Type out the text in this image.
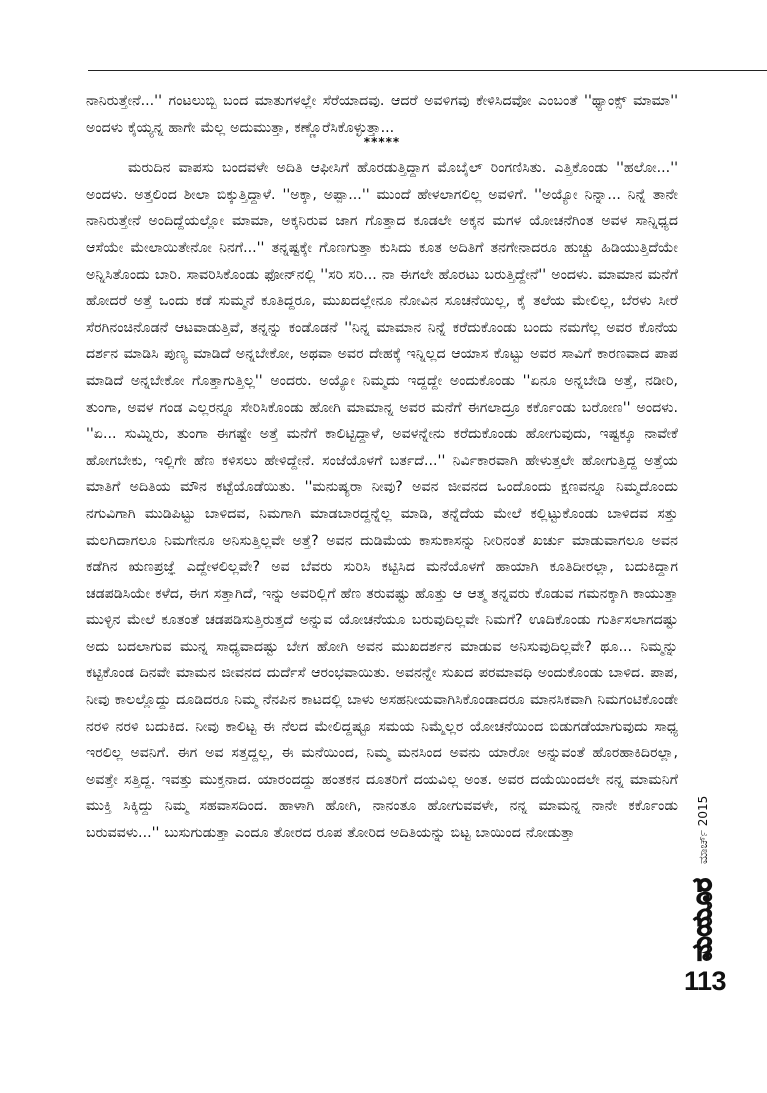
ನಾನಿರುತ್ತೇನೆ...'' ಗಂಟಲುಬ್ಬಿ ಬಂದ ಮಾತುಗಳಲ್ಲೇ ಸೆರೆಯಾದವು. ಆದರೆ ಅವಳಿಗವು ಕೇಳಿಸಿದವೋ ಎಂಬಂತೆ ''ಥ್ಯಾಂಕ್ಸ್ ಮಾಮಾ'' ಅಂದಳು ಕೈಯ್ಯನ್ನ ಹಾಗೇ ಮೆಲ್ಲ ಅದುಮುತ್ತಾ, ಕಣ್ಣೊರೆಸಿಕೊಳ್ಳುತ್ತಾ...

*****

ಮರುದಿನ ವಾಪಸು ಬಂದವಳೇ ಅದಿತಿ ಆಫೀಸಿಗೆ ಹೊರಡುತ್ತಿದ್ದಾಗ ಮೊಬೈಲ್ ರಿಂಗಣಿಸಿತು. ಎತ್ತಿಕೊಂಡು ''ಹಲೋ...'' ಅಂದಳು. ಅತ್ತಲಿಂದ ಶೀಲಾ ಬಿಕ್ಕುತ್ತಿದ್ದಾಳೆ. ''ಅಕ್ಕಾ, ಅಪ್ಪಾ...'' ಮುಂದೆ ಹೇಳಲಾಗಲಿಲ್ಲ ಅವಳಿಗೆ. ''ಅಯ್ಯೋ ನಿನ್ನಾ... ನಿನ್ನೆ ತಾನೇ ನಾನಿರುತ್ತೇನೆ ಅಂದಿದ್ದೆಯಲ್ಲೋ ಮಾಮಾ, ಅಕ್ಕನಿರುವ ಜಾಗ ಗೊತ್ತಾದ ಕೂಡಲೇ ಅಕ್ಕನ ಮಗಳ ಯೋಚನೆಗಿಂತ ಅವಳ ಸಾನ್ನಿಧ್ಯದ ಆಸೆಯೇ ಮೇಲಾಯಿತೇನೋ ನಿನಗೆ...'' ತನ್ನಷ್ಟಕ್ಕೇ ಗೊಣಗುತ್ತಾ ಕುಸಿದು ಕೂತ ಅದಿತಿಗೆ ತನಗೇನಾದರೂ ಹುಚ್ಚು ಹಿಡಿಯುತ್ತಿದೆಯೇ ಅನ್ನಿಸಿತೊಂದು ಬಾರಿ. ಸಾವರಿಸಿಕೊಂಡು ಫೋನ್‌ನಲ್ಲಿ ''ಸರಿ ಸರಿ... ನಾ ಈಗಲೇ ಹೊರಟು ಬರುತ್ತಿದ್ದೇನೆ'' ಅಂದಳು. ಮಾಮಾನ ಮನೆಗೆ ಹೋದರೆ ಅತ್ತೆ ಒಂದು ಕಡೆ ಸುಮ್ಮನೆ ಕೂತಿದ್ದರೂ, ಮುಖದಲ್ಲೇನೂ ನೋವಿನ ಸೂಚನೆಯಿಲ್ಲ, ಕೈ ತಲೆಯ ಮೇಲಿಲ್ಲ, ಬೆರಳು ಸೀರೆ ಸೆರಗಿನಂಚಿನೊಡನೆ ಆಟವಾಡುತ್ತಿವೆ, ತನ್ನನ್ನು ಕಂಡೊಡನೆ ''ನಿನ್ನ ಮಾಮಾನ ನಿನ್ನೆ ಕರೆದುಕೊಂಡು ಬಂದು ನಮಗೆಲ್ಲ ಅವರ ಕೊನೆಯ ದರ್ಶನ ಮಾಡಿಸಿ ಪುಣ್ಯ ಮಾಡಿದೆ ಅನ್ನಬೇಕೋ, ಅಥವಾ ಅವರ ದೇಹಕ್ಕೆ ಇನ್ನಿಲ್ಲದ ಆಯಾಸ ಕೊಟ್ಟು ಅವರ ಸಾವಿಗೆ ಕಾರಣವಾದ ಪಾಪ ಮಾಡಿದೆ ಅನ್ನಬೇಕೋ ಗೊತ್ತಾಗುತ್ತಿಲ್ಲ'' ಅಂದರು. ಅಯ್ಯೋ ನಿಮ್ಮದು ಇದ್ದದ್ದೇ ಅಂದುಕೊಂಡು ''ಏನೂ ಅನ್ನಬೇಡಿ ಅತ್ತೆ, ನಡೀರಿ, ತುಂಗಾ, ಅವಳ ಗಂಡ ಎಲ್ಲರನ್ನೂ ಸೇರಿಸಿಕೊಂಡು ಹೋಗಿ ಮಾಮಾನ್ನ ಅವರ ಮನೆಗೆ ಈಗಲಾದ್ರೂ ಕರ್ಕೊಂಡು ಬರೋಣ'' ಅಂದಳು. ''ಏ... ಸುಮ್ನಿರು, ತುಂಗಾ ಈಗಷ್ಟೇ ಅತ್ತೆ ಮನೆಗೆ ಕಾಲಿಟ್ಟಿದ್ದಾಳೆ, ಅವಳನ್ನೇನು ಕರೆದುಕೊಂಡು ಹೋಗುವುದು, ಇಷ್ಟಕ್ಕೂ ನಾವೇಕೆ ಹೋಗಬೇಕು, ಇಲ್ಲಿಗೇ ಹೆಣ ಕಳಿಸಲು ಹೇಳಿದ್ದೇನೆ. ಸಂಜೆಯೊಳಗೆ ಬರ್ತದೆ...'' ನಿರ್ವಿಕಾರವಾಗಿ ಹೇಳುತ್ತಲೇ ಹೋಗುತ್ತಿದ್ದ ಅತ್ತೆಯ ಮಾತಿಗೆ ಅದಿತಿಯ ಮೌನ ಕಟ್ಟೆಯೊಡೆಯಿತು. ''ಮನುಷ್ಯರಾ ನೀವು? ಅವನ ಜೀವನದ ಒಂದೊಂದು ಕ್ಷಣವನ್ನೂ ನಿಮ್ಮದೊಂದು ನಗುವಿಗಾಗಿ ಮುಡಿಪಿಟ್ಟು ಬಾಳಿದವ, ನಿಮಗಾಗಿ ಮಾಡಬಾರದ್ದನ್ನೆಲ್ಲ ಮಾಡಿ, ತನ್ನೆದೆಯ ಮೇಲೆ ಕಲ್ಲಿಟ್ಟುಕೊಂಡು ಬಾಳಿದವ ಸತ್ತು ಮಲಗಿದಾಗಲೂ ನಿಮಗೇನೂ ಅನಿಸುತ್ತಿಲ್ಲವೇ ಅತ್ತೆ? ಅವನ ದುಡಿಮೆಯ ಕಾಸುಕಾಸನ್ನು ನೀರಿನಂತೆ ಖರ್ಚು ಮಾಡುವಾಗಲೂ ಅವನ ಕಡೆಗಿನ ಋಣಪ್ರಜ್ಞೆ ಎದ್ದೇಳಲಿಲ್ಲವೇ? ಅವ ಬೆವರು ಸುರಿಸಿ ಕಟ್ಟಿಸಿದ ಮನೆಯೊಳಗೆ ಹಾಯಾಗಿ ಕೂತಿದೀರಲ್ಲಾ, ಬದುಕಿದ್ದಾಗ ಚಡಪಡಿಸಿಯೇ ಕಳೆದ, ಈಗ ಸತ್ತಾಗಿದೆ, ಇನ್ನು ಅವರಿಲ್ಲಿಗೆ ಹೆಣ ತರುವಷ್ಟು ಹೊತ್ತು ಆ ಆತ್ಮ ತನ್ನವರು ಕೊಡುವ ಗಮನಕ್ಕಾಗಿ ಕಾಯುತ್ತಾ ಮುಳ್ಳಿನ ಮೇಲೆ ಕೂತಂತೆ ಚಡಪಡಿಸುತ್ತಿರುತ್ತದೆ ಅನ್ನುವ ಯೋಚನೆಯೂ ಬರುವುದಿಲ್ಲವೇ ನಿಮಗೆ? ಊದಿಕೊಂಡು ಗುರ್ತಿಸಲಾಗದಷ್ಟು ಅದು ಬದಲಾಗುವ ಮುನ್ನ ಸಾಧ್ಯವಾದಷ್ಟು ಬೇಗ ಹೋಗಿ ಅವನ ಮುಖದರ್ಶನ ಮಾಡುವ ಅನಿಸುವುದಿಲ್ಲವೇ? ಥೂ... ನಿಮ್ಮನ್ನು ಕಟ್ಟಿಕೊಂಡ ದಿನವೇ ಮಾಮನ ಜೀವನದ ದುರ್ದೆಸೆ ಆರಂಭವಾಯಿತು. ಅವನನ್ನೇ ಸುಖದ ಪರಮಾವಧಿ ಅಂದುಕೊಂಡು ಬಾಳಿದ. ಪಾಪ, ನೀವು ಕಾಲಲ್ಲೊದ್ದು ದೂಡಿದರೂ ನಿಮ್ಮ ನೆನಪಿನ ಕಾಟದಲ್ಲಿ ಬಾಳು ಅಸಹನೀಯವಾಗಿಸಿಕೊಂಡಾದರೂ ಮಾನಸಿಕವಾಗಿ ನಿಮಗಂಟಿಕೊಂಡೇ ನರಳಿ ನರಳಿ ಬದುಕಿದ. ನೀವು ಕಾಲಿಟ್ಟ ಈ ನೆಲದ ಮೇಲಿದ್ದಷ್ಟೂ ಸಮಯ ನಿಮ್ಮೆಲ್ಲರ ಯೋಚನೆಯಿಂದ ಬಿಡುಗಡೆಯಾಗುವುದು ಸಾಧ್ಯ ಇರಲಿಲ್ಲ ಅವನಿಗೆ. ಈಗ ಅವ ಸತ್ತದ್ದಲ್ಲ, ಈ ಮನೆಯಿಂದ, ನಿಮ್ಮ ಮನಸಿಂದ ಅವನು ಯಾರೋ ಅನ್ನುವಂತೆ ಹೊರಹಾಕಿದಿರಲ್ಲಾ, ಅವತ್ತೇ ಸತ್ತಿದ್ದ. ಇವತ್ತು ಮುಕ್ತನಾದ. ಯಾರಂದದ್ದು ಹಂತಕನ ದೂತರಿಗೆ ದಯವಿಲ್ಲ ಅಂತ. ಅವರ ದಯೆಯಿಂದಲೇ ನನ್ನ ಮಾಮನಿಗೆ ಮುಕ್ತಿ ಸಿಕ್ಕಿದ್ದು ನಿಮ್ಮ ಸಹವಾಸದಿಂದ. ಹಾಳಾಗಿ ಹೋಗಿ, ನಾನಂತೂ ಹೋಗುವವಳೇ, ನನ್ನ ಮಾಮನ್ನ ನಾನೇ ಕರ್ಕೊಂಡು ಬರುವವಳು...'' ಬುಸುಗುಡುತ್ತಾ ಎಂದೂ ತೋರದ ರೂಪ ತೋರಿದ ಅದಿತಿಯನ್ನು ಬಿಟ್ಟ ಬಾಯಿಂದ ನೋಡುತ್ತಾ	ಮಾರ್ಚ್ 2015
ಮಯೂರ
113
